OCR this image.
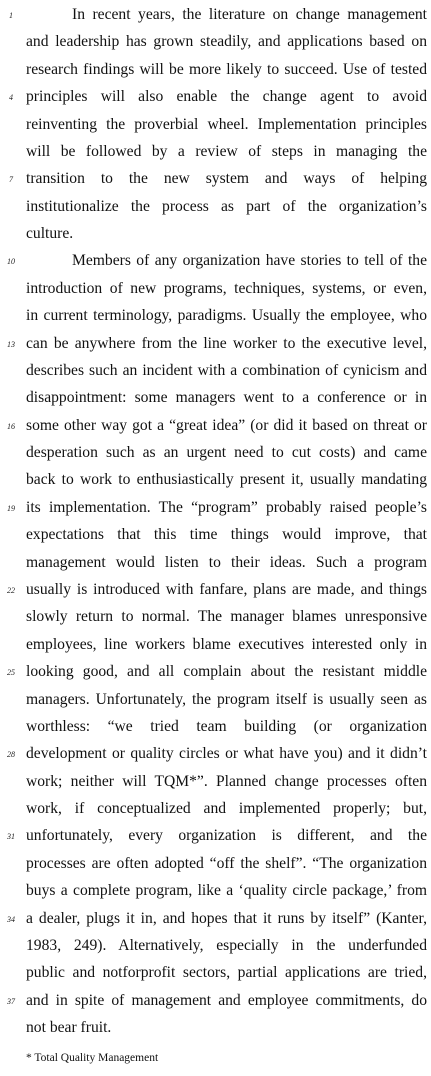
In recent years, the literature on change management
and leadership has grown steadily, and applications based on
research findings will be more likely to succeed. Use of tested
principles will also enable the change agent to avoid
reinventing the proverbial wheel. Implementation principles
will be followed by a review of steps in managing the
transition to the new system and ways of helping
institutionalize the process as part of the organization’s
culture.
Members of any organization have stories to tell of the
introduction of new programs, techniques, systems, or even,
in current terminology, paradigms. Usually the employee, who
can be anywhere from the line worker to the executive level,
describes such an incident with a combination of cynicism and
disappointment: some managers went to a conference or in
some other way got a “great idea” (or did it based on threat or
desperation such as an urgent need to cut costs) and came
back to work to enthusiastically present it, usually mandating
its implementation. The “program” probably raised people’s
expectations that this time things would improve, that
management would listen to their ideas. Such a program
usually is introduced with fanfare, plans are made, and things
slowly return to normal. The manager blames unresponsive
employees, line workers blame executives interested only in
looking good, and all complain about the resistant middle
managers. Unfortunately, the program itself is usually seen as
worthless: “we tried team building (or organization
development or quality circles or what have you) and it didn’t
work; neither will TQM*”. Planned change processes often
work, if conceptualized and implemented properly; but,
unfortunately, every organization is different, and the
processes are often adopted “off the shelf”. “The organization
buys a complete program, like a ‘quality circle package,’ from
a dealer, plugs it in, and hopes that it runs by itself” (Kanter,
1983, 249). Alternatively, especially in the underfunded
public and notforprofit sectors, partial applications are tried,
and in spite of management and employee commitments, do
not bear fruit.
1
4
7
10
13
16
19
22
25
28
31
34
37
* Total Quality Management
